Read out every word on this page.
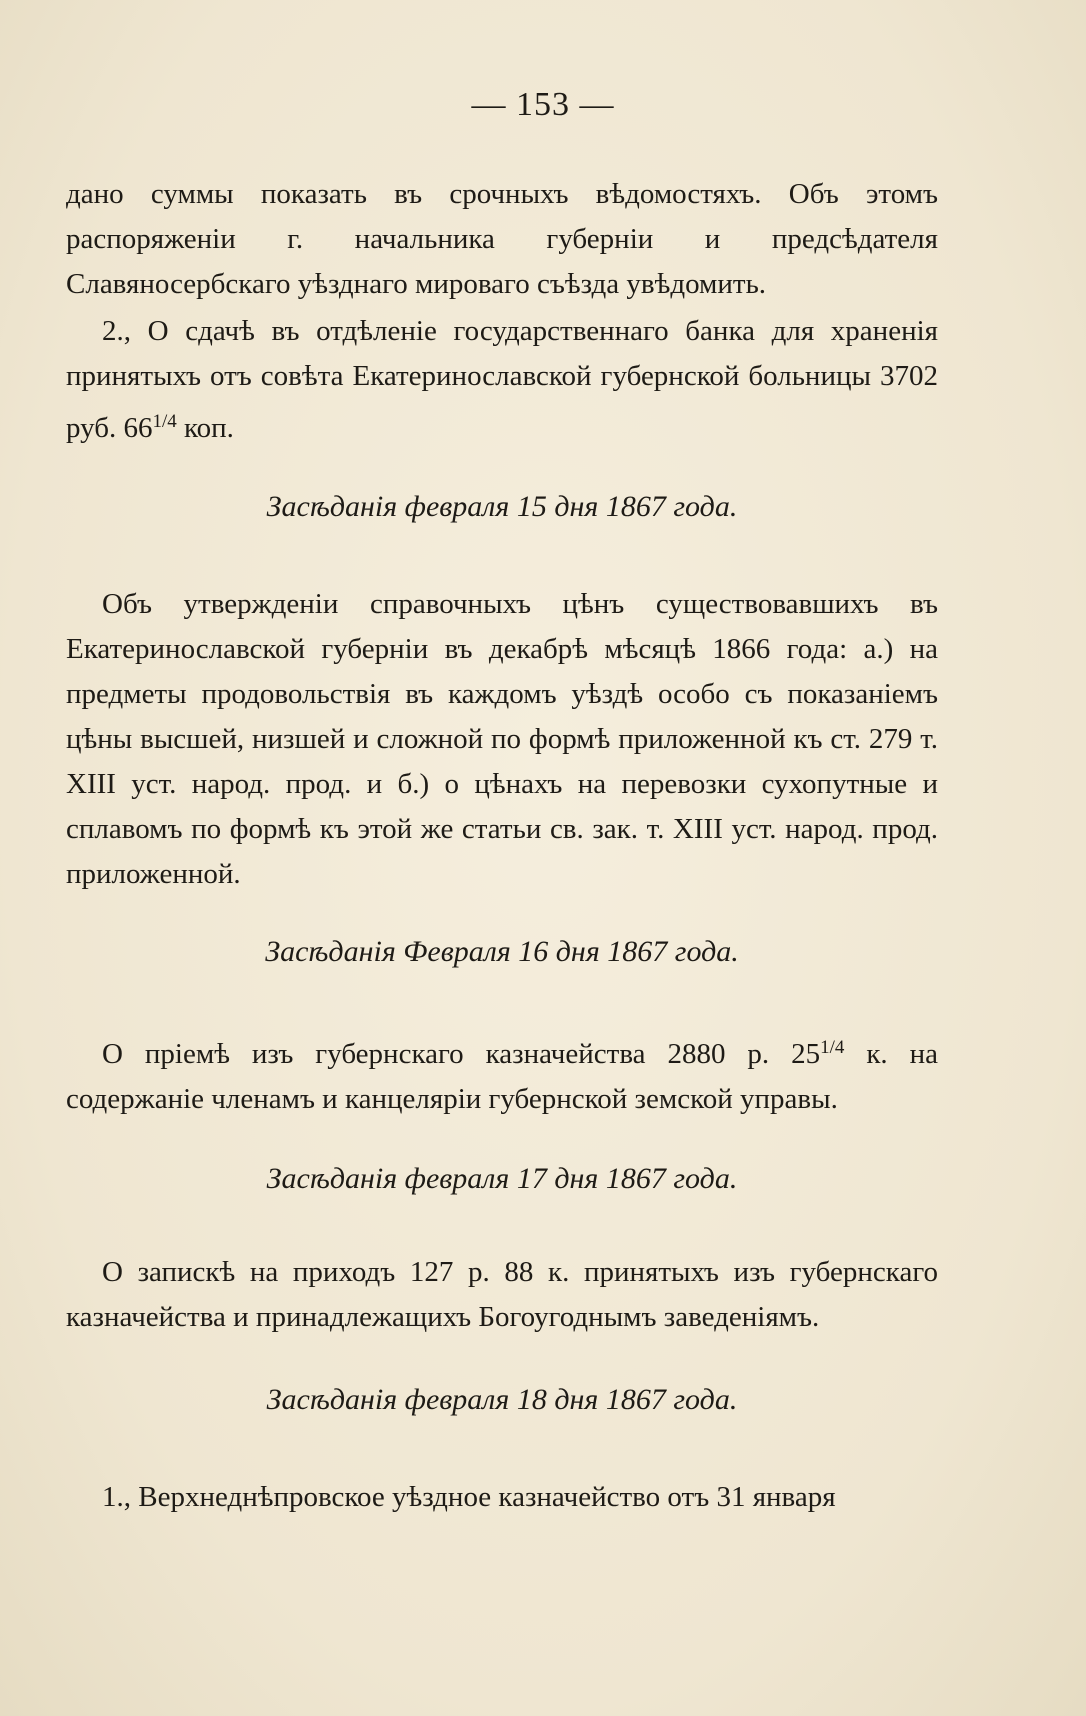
— 153 —

дано суммы показать въ срочныхъ вѣдомостяхъ. Объ этомъ распоряженіи г. начальника губерніи и предсѣдателя Славяносербскаго уѣзднаго мироваго съѣзда увѣдомить.

2., О сдачѣ въ отдѣленіе государственнаго банка для храненія принятыхъ отъ совѣта Екатеринославской губернской больницы 3702 руб. $66^{1/4}$ коп.

Засѣданія февраля 15 дня 1867 года.

Объ утвержденіи справочныхъ цѣнъ существовавшихъ въ Екатеринославской губерніи въ декабрѣ мѣсяцѣ 1866 года: а.) на предметы продовольствія въ каждомъ уѣздѣ особо съ показаніемъ цѣны высшей, низшей и сложной по формѣ приложенной къ ст. 279 т. XIII уст. народ. прод. и б.) о цѣнахъ на перевозки сухопутные и сплавомъ по формѣ къ этой же статьи св. зак. т. XIII уст. народ. прод. приложенной.

Засѣданія Февраля 16 дня 1867 года.

О пріемѣ изъ губернскаго казначейства 2880 р. $25^{1/4}$ к. на содержаніе членамъ и канцеляріи губернской земской управы.

Засѣданія февраля 17 дня 1867 года.

О запискѣ на приходъ 127 р. 88 к. принятыхъ изъ губернскаго казначейства и принадлежащихъ Богоугоднымъ заведеніямъ.

Засѣданія февраля 18 дня 1867 года.

1., Верхнеднѣпровское уѣздное казначейство отъ 31 января
